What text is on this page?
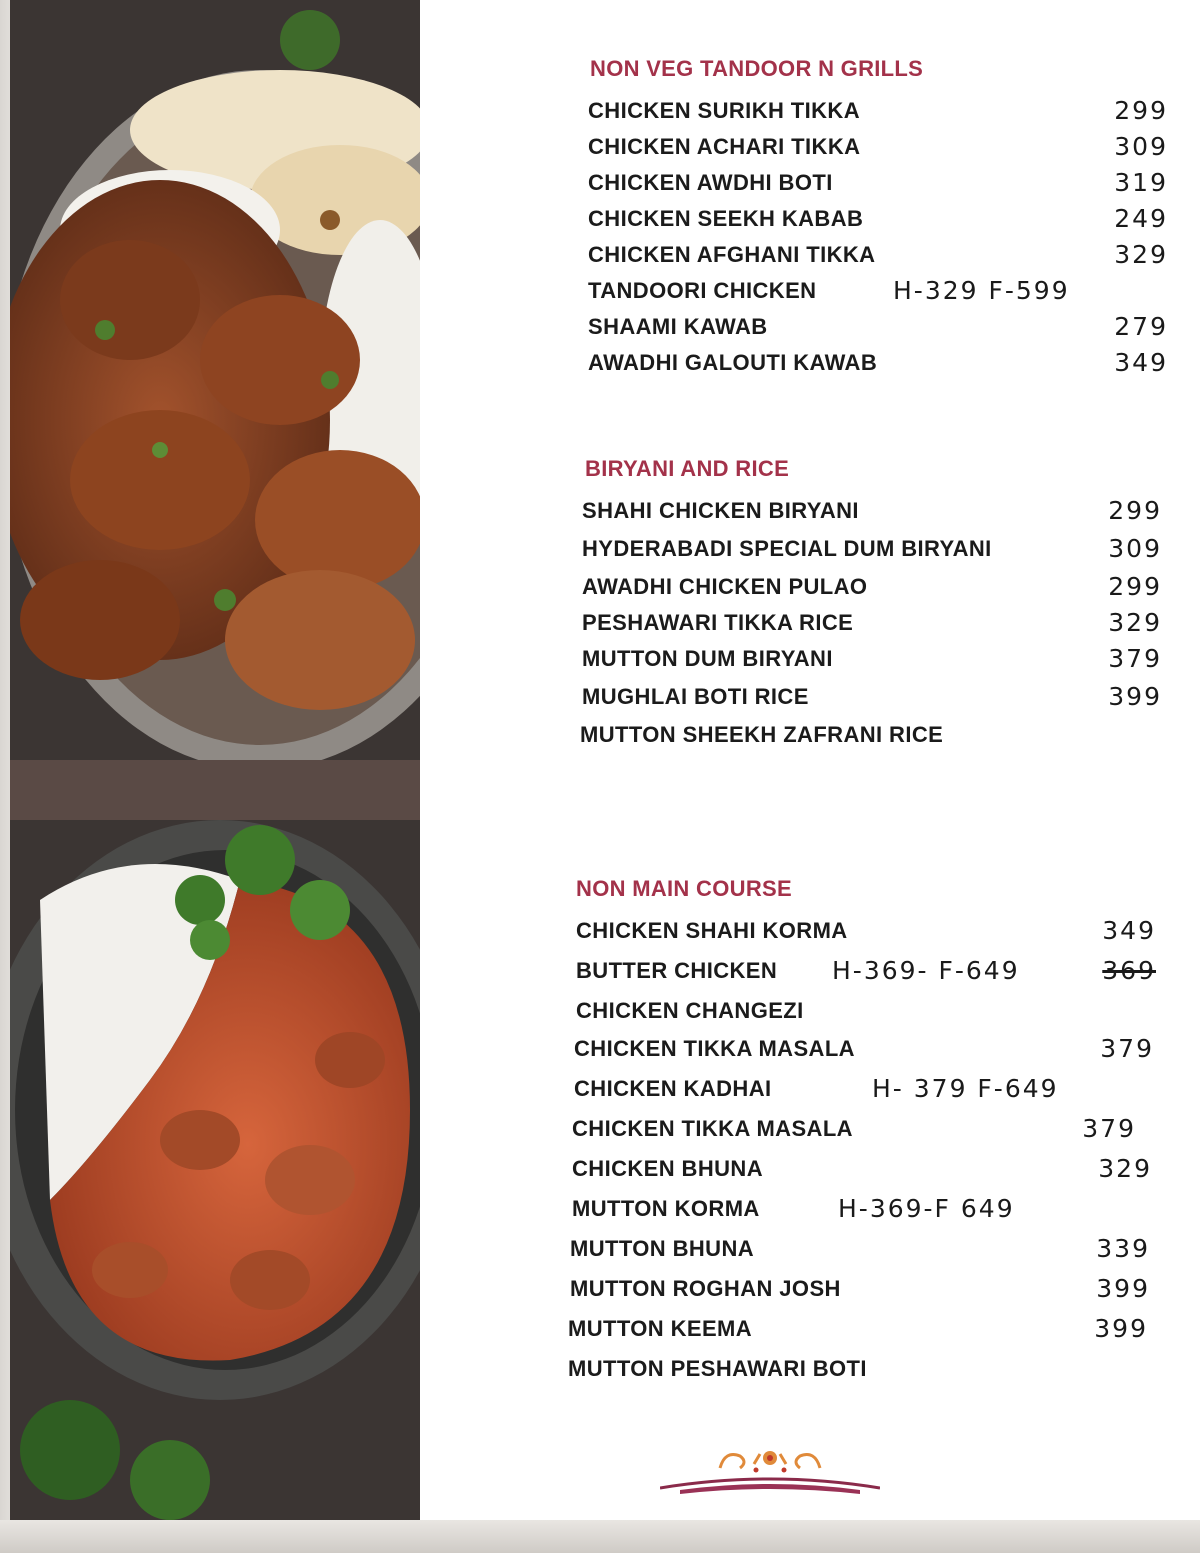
NON VEG TANDOOR N GRILLS
CHICKEN SURIKH TIKKA	299
CHICKEN ACHARI TIKKA	309
CHICKEN AWDHI BOTI	319
CHICKEN SEEKH KABAB	249
CHICKEN AFGHANI TIKKA	329
TANDOORI CHICKEN	H-329 F-599
SHAAMI KAWAB	279
AWADHI GALOUTI KAWAB	349
BIRYANI AND RICE
SHAHI CHICKEN BIRYANI	299
HYDERABADI SPECIAL DUM BIRYANI	309
AWADHI CHICKEN PULAO	299
PESHAWARI TIKKA RICE	329
MUTTON DUM BIRYANI	379
MUGHLAI BOTI RICE	399
MUTTON SHEEKH ZAFRANI RICE
NON MAIN COURSE
CHICKEN SHAHI KORMA	349
BUTTER CHICKEN H-369- F-649	369
CHICKEN CHANGEZI
CHICKEN TIKKA MASALA	379
CHICKEN KADHAI	H- 379 F-649
CHICKEN TIKKA MASALA	379
CHICKEN BHUNA	329
MUTTON KORMA	H-369-F 649
MUTTON BHUNA	339
MUTTON ROGHAN JOSH	399
MUTTON KEEMA	399
MUTTON PESHAWARI BOTI
